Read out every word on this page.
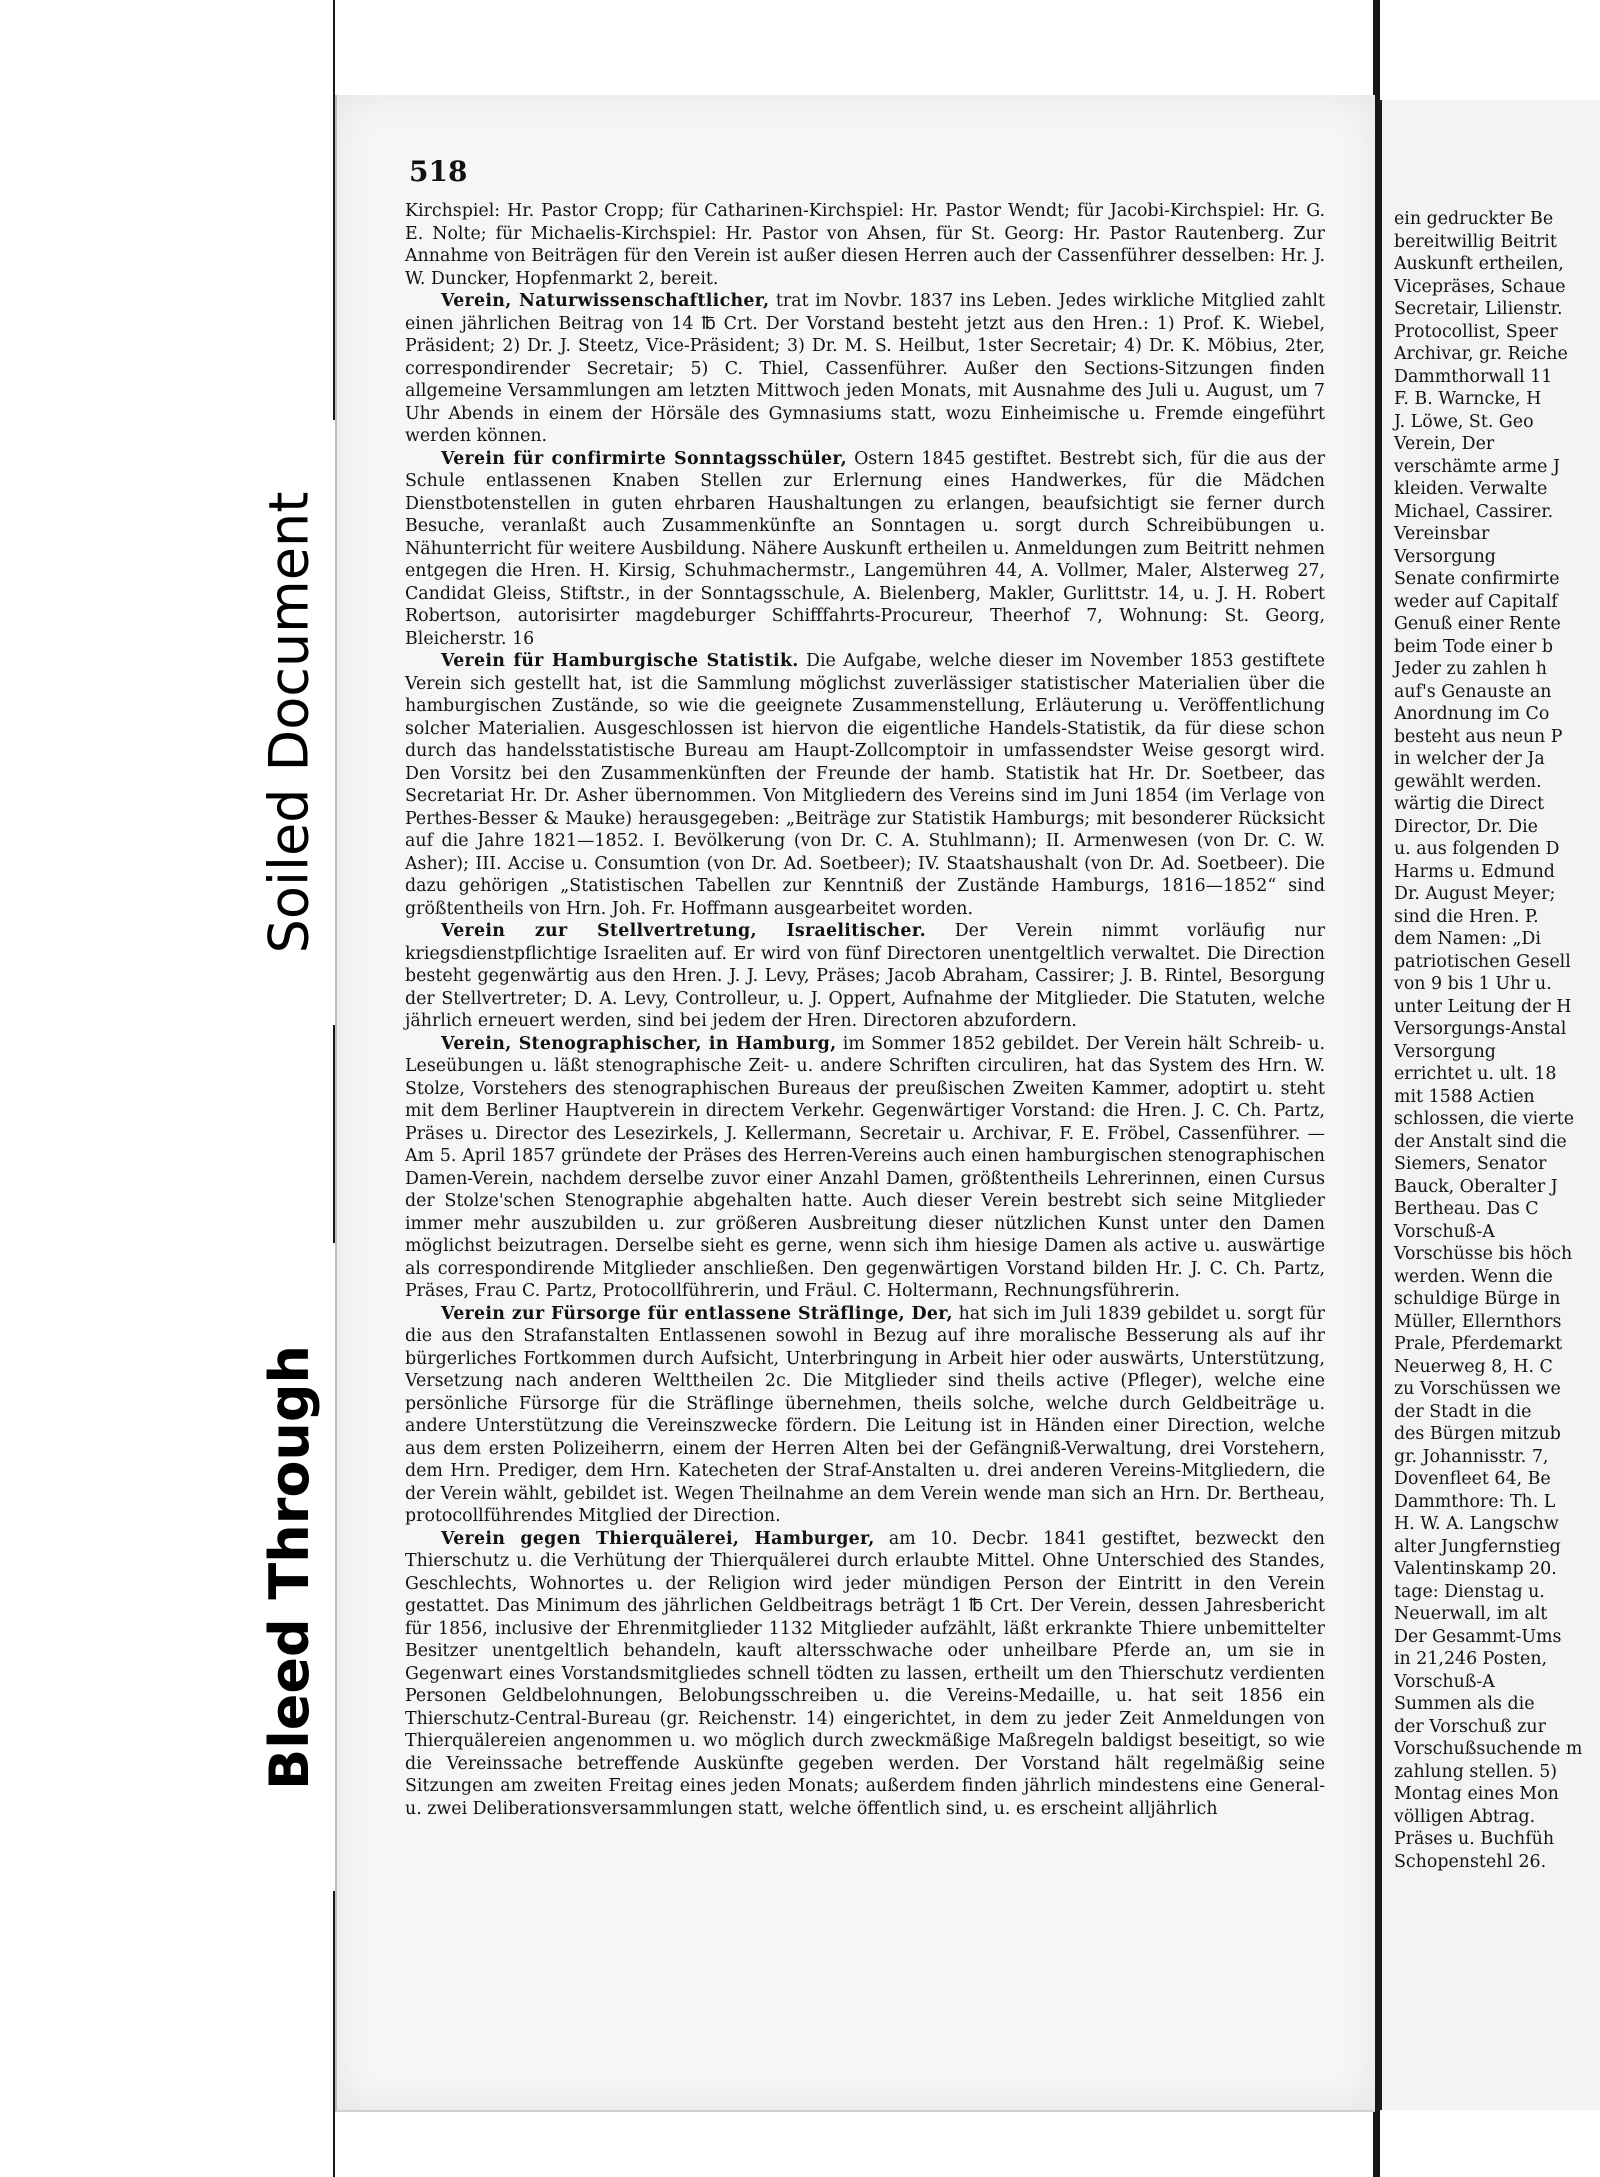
518

Kirchspiel: Hr. Pastor Cropp; für Catharinen-Kirchspiel: Hr. Pastor Wendt; für Jacobi-Kirchspiel: Hr. G. E. Nolte; für Michaelis-Kirchspiel: Hr. Pastor von Ahsen, für St. Georg: Hr. Pastor Rautenberg. Zur Annahme von Beiträgen für den Verein ist außer diesen Herren auch der Cassenführer desselben: Hr. J. W. Duncker, Hopfenmarkt 2, bereit.

Verein, Naturwissenschaftlicher, trat im Novbr. 1837 ins Leben. Jedes wirkliche Mitglied zahlt einen jährlichen Beitrag von 14 ℔ Crt. Der Vorstand besteht jetzt aus den Hren.: 1) Prof. K. Wiebel, Präsident; 2) Dr. J. Steetz, Vice-Präsident; 3) Dr. M. S. Heilbut, 1ster Secretair; 4) Dr. K. Möbius, 2ter, correspondirender Secretair; 5) C. Thiel, Cassenführer. Außer den Sections-Sitzungen finden allgemeine Versammlungen am letzten Mittwoch jeden Monats, mit Ausnahme des Juli u. August, um 7 Uhr Abends in einem der Hörsäle des Gymnasiums statt, wozu Einheimische u. Fremde eingeführt werden können.

Verein für confirmirte Sonntagsschüler, Ostern 1845 gestiftet. Bestrebt sich, für die aus der Schule entlassenen Knaben Stellen zur Erlernung eines Handwerkes, für die Mädchen Dienstbotenstellen in guten ehrbaren Haushaltungen zu erlangen, beaufsichtigt sie ferner durch Besuche, veranlaßt auch Zusammenkünfte an Sonntagen u. sorgt durch Schreibübungen u. Nähunterricht für weitere Ausbildung. Nähere Auskunft ertheilen u. Anmeldungen zum Beitritt nehmen entgegen die Hren. H. Kirsig, Schuhmachermstr., Langemühren 44, A. Vollmer, Maler, Alsterweg 27, Candidat Gleiss, Stiftstr., in der Sonntagsschule, A. Bielenberg, Makler, Gurlittstr. 14, u. J. H. Robert Robertson, autorisirter magdeburger Schifffahrts-Procureur, Theerhof 7, Wohnung: St. Georg, Bleicherstr. 16

Verein für Hamburgische Statistik. Die Aufgabe, welche dieser im November 1853 gestiftete Verein sich gestellt hat, ist die Sammlung möglichst zuverlässiger statistischer Materialien über die hamburgischen Zustände, so wie die geeignete Zusammenstellung, Erläuterung u. Veröffentlichung solcher Materialien. Ausgeschlossen ist hiervon die eigentliche Handels-Statistik, da für diese schon durch das handelsstatistische Bureau am Haupt-Zollcomptoir in umfassendster Weise gesorgt wird. Den Vorsitz bei den Zusammenkünften der Freunde der hamb. Statistik hat Hr. Dr. Soetbeer, das Secretariat Hr. Dr. Asher übernommen. Von Mitgliedern des Vereins sind im Juni 1854 (im Verlage von Perthes-Besser & Mauke) herausgegeben: „Beiträge zur Statistik Hamburgs; mit besonderer Rücksicht auf die Jahre 1821—1852. I. Bevölkerung (von Dr. C. A. Stuhlmann); II. Armenwesen (von Dr. C. W. Asher); III. Accise u. Consumtion (von Dr. Ad. Soetbeer); IV. Staatshaushalt (von Dr. Ad. Soetbeer). Die dazu gehörigen „Statistischen Tabellen zur Kenntniß der Zustände Hamburgs, 1816—1852“ sind größtentheils von Hrn. Joh. Fr. Hoffmann ausgearbeitet worden.

Verein zur Stellvertretung, Israelitischer. Der Verein nimmt vorläufig nur kriegsdienstpflichtige Israeliten auf. Er wird von fünf Directoren unentgeltlich verwaltet. Die Direction besteht gegenwärtig aus den Hren. J. J. Levy, Präses; Jacob Abraham, Cassirer; J. B. Rintel, Besorgung der Stellvertreter; D. A. Levy, Controlleur, u. J. Oppert, Aufnahme der Mitglieder. Die Statuten, welche jährlich erneuert werden, sind bei jedem der Hren. Directoren abzufordern.

Verein, Stenographischer, in Hamburg, im Sommer 1852 gebildet. Der Verein hält Schreib- u. Leseübungen u. läßt stenographische Zeit- u. andere Schriften circuliren, hat das System des Hrn. W. Stolze, Vorstehers des stenographischen Bureaus der preußischen Zweiten Kammer, adoptirt u. steht mit dem Berliner Hauptverein in directem Verkehr. Gegenwärtiger Vorstand: die Hren. J. C. Ch. Partz, Präses u. Director des Lesezirkels, J. Kellermann, Secretair u. Archivar, F. E. Fröbel, Cassenführer. — Am 5. April 1857 gründete der Präses des Herren-Vereins auch einen hamburgischen stenographischen Damen-Verein, nachdem derselbe zuvor einer Anzahl Damen, größtentheils Lehrerinnen, einen Cursus der Stolze'schen Stenographie abgehalten hatte. Auch dieser Verein bestrebt sich seine Mitglieder immer mehr auszubilden u. zur größeren Ausbreitung dieser nützlichen Kunst unter den Damen möglichst beizutragen. Derselbe sieht es gerne, wenn sich ihm hiesige Damen als active u. auswärtige als correspondirende Mitglieder anschließen. Den gegenwärtigen Vorstand bilden Hr. J. C. Ch. Partz, Präses, Frau C. Partz, Protocollführerin, und Fräul. C. Holtermann, Rechnungsführerin.

Verein zur Fürsorge für entlassene Sträflinge, Der, hat sich im Juli 1839 gebildet u. sorgt für die aus den Strafanstalten Entlassenen sowohl in Bezug auf ihre moralische Besserung als auf ihr bürgerliches Fortkommen durch Aufsicht, Unterbringung in Arbeit hier oder auswärts, Unterstützung, Versetzung nach anderen Welttheilen 2c. Die Mitglieder sind theils active (Pfleger), welche eine persönliche Fürsorge für die Sträflinge übernehmen, theils solche, welche durch Geldbeiträge u. andere Unterstützung die Vereinszwecke fördern. Die Leitung ist in Händen einer Direction, welche aus dem ersten Polizeiherrn, einem der Herren Alten bei der Gefängniß-Verwaltung, drei Vorstehern, dem Hrn. Prediger, dem Hrn. Katecheten der Straf-Anstalten u. drei anderen Vereins-Mitgliedern, die der Verein wählt, gebildet ist. Wegen Theilnahme an dem Verein wende man sich an Hrn. Dr. Bertheau, protocollführendes Mitglied der Direction.

Verein gegen Thierquälerei, Hamburger, am 10. Decbr. 1841 gestiftet, bezweckt den Thierschutz u. die Verhütung der Thierquälerei durch erlaubte Mittel. Ohne Unterschied des Standes, Geschlechts, Wohnortes u. der Religion wird jeder mündigen Person der Eintritt in den Verein gestattet. Das Minimum des jährlichen Geldbeitrags beträgt 1 ℔ Crt. Der Verein, dessen Jahresbericht für 1856, inclusive der Ehrenmitglieder 1132 Mitglieder aufzählt, läßt erkrankte Thiere unbemittelter Besitzer unentgeltlich behandeln, kauft altersschwache oder unheilbare Pferde an, um sie in Gegenwart eines Vorstandsmitgliedes schnell tödten zu lassen, ertheilt um den Thierschutz verdienten Personen Geldbelohnungen, Belobungsschreiben u. die Vereins-Medaille, u. hat seit 1856 ein Thierschutz-Central-Bureau (gr. Reichenstr. 14) eingerichtet, in dem zu jeder Zeit Anmeldungen von Thierquälereien angenommen u. wo möglich durch zweckmäßige Maßregeln baldigst beseitigt, so wie die Vereinssache betreffende Auskünfte gegeben werden. Der Vorstand hält regelmäßig seine Sitzungen am zweiten Freitag eines jeden Monats; außerdem finden jährlich mindestens eine General- u. zwei Deliberationsversammlungen statt, welche öffentlich sind, u. es erscheint alljährlich

ein gedruckter Be
bereitwillig Beitrit
Auskunft ertheilen,
Vicepräses, Schaue
Secretair, Lilienstr.
Protocollist, Speer
Archivar, gr. Reiche
Dammthorwall 11
F. B. Warncke, H
J. Löwe, St. Geo
Verein, Der
verschämte arme J
kleiden. Verwalte
Michael, Cassirer.
Vereinsbar
Versorgung
Senate confirmirte
weder auf Capitalf
Genuß einer Rente
beim Tode einer b
Jeder zu zahlen h
auf's Genauste an
Anordnung im Co
besteht aus neun P
in welcher der Ja
gewählt werden.
wärtig die Direct
Director, Dr. Die
u. aus folgenden D
Harms u. Edmund
Dr. August Meyer;
sind die Hren. P.
dem Namen: „Di
patriotischen Gesell
von 9 bis 1 Uhr u.
unter Leitung der H
Versorgungs-Anstal
Versorgung
errichtet u. ult. 18
mit 1588 Actien
schlossen, die vierte
der Anstalt sind die
Siemers, Senator
Bauck, Oberalter J
Bertheau. Das C
Vorschuß-A
Vorschüsse bis höch
werden. Wenn die
schuldige Bürge in
Müller, Ellernthors
Prale, Pferdemarkt
Neuerweg 8, H. C
zu Vorschüssen we
der Stadt in die
des Bürgen mitzub
gr. Johannisstr. 7,
Dovenfleet 64, Be
Dammthore: Th. L
H. W. A. Langschw
alter Jungfernstieg
Valentinskamp 20.
tage: Dienstag u.
Neuerwall, im alt
Der Gesammt-Ums
in 21,246 Posten,
Vorschuß-A
Summen als die
der Vorschuß zur
Vorschußsuchende m
zahlung stellen. 5)
Montag eines Mon
völligen Abtrag.
Präses u. Buchfüh
Schopenstehl 26.
Soiled Document
Bleed Through
